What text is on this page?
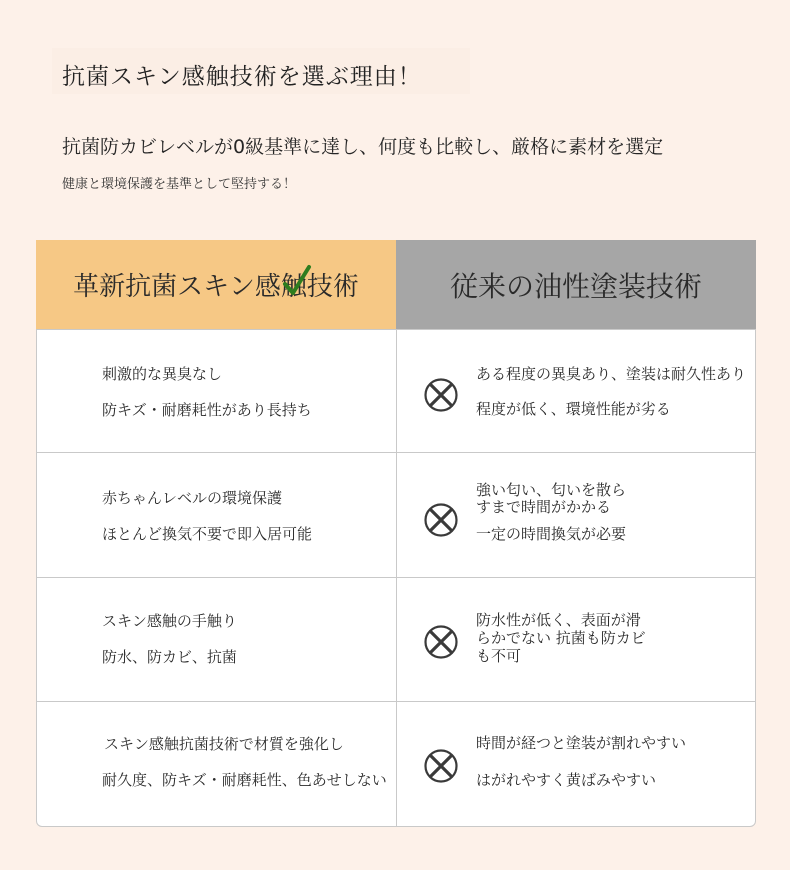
抗菌スキン感触技術を選ぶ理由！
抗菌防カビレベルが0級基準に達し、何度も比較し、厳格に素材を選定
健康と環境保護を基準として堅持する！
革新抗菌スキン感触技術	従来の油性塗装技術
刺激的な異臭なし
防キズ・耐磨耗性があり長持ち
ある程度の異臭あり、塗装は耐久性あり
程度が低く、環境性能が劣る
赤ちゃんレベルの環境保護
ほとんど換気不要で即入居可能
強い匂い、匂いを散ら
すまで時間がかかる
一定の時間換気が必要
スキン感触の手触り
防水、防カビ、抗菌
防水性が低く、表面が滑
らかでない 抗菌も防カビ
も不可
スキン感触抗菌技術で材質を強化し
耐久度、防キズ・耐磨耗性、色あせしない
時間が経つと塗装が割れやすい
はがれやすく黄ばみやすい
